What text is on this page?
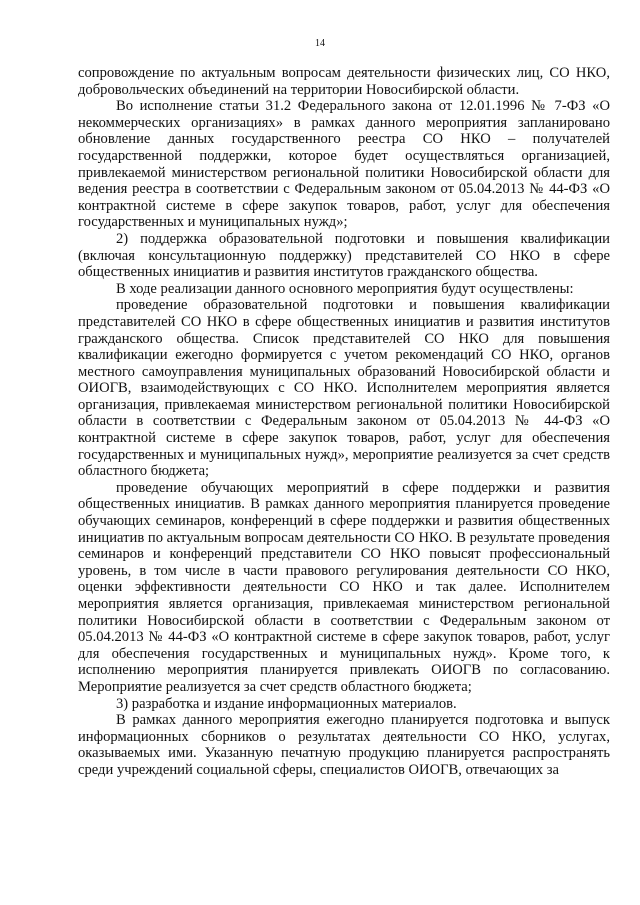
14

сопровождение по актуальным вопросам деятельности физических лиц, СО НКО, добровольческих объединений на территории Новосибирской области.

Во исполнение статьи 31.2 Федерального закона от 12.01.1996 № 7-ФЗ «О некоммерческих организациях» в рамках данного мероприятия запланировано обновление данных государственного реестра СО НКО – получателей государственной поддержки, которое будет осуществляться организацией, привлекаемой министерством региональной политики Новосибирской области для ведения реестра в соответствии с Федеральным законом от 05.04.2013 № 44-ФЗ «О контрактной системе в сфере закупок товаров, работ, услуг для обеспечения государственных и муниципальных нужд»;

2) поддержка образовательной подготовки и повышения квалификации (включая консультационную поддержку) представителей СО НКО в сфере общественных инициатив и развития институтов гражданского общества.

В ходе реализации данного основного мероприятия будут осуществлены:

проведение образовательной подготовки и повышения квалификации представителей СО НКО в сфере общественных инициатив и развития институтов гражданского общества. Список представителей СО НКО для повышения квалификации ежегодно формируется с учетом рекомендаций СО НКО, органов местного самоуправления муниципальных образований Новосибирской области и ОИОГВ, взаимодействующих с СО НКО. Исполнителем мероприятия является организация, привлекаемая министерством региональной политики Новосибирской области в соответствии с Федеральным законом от 05.04.2013 № 44-ФЗ «О контрактной системе в сфере закупок товаров, работ, услуг для обеспечения государственных и муниципальных нужд», мероприятие реализуется за счет средств областного бюджета;

проведение обучающих мероприятий в сфере поддержки и развития общественных инициатив. В рамках данного мероприятия планируется проведение обучающих семинаров, конференций в сфере поддержки и развития общественных инициатив по актуальным вопросам деятельности СО НКО. В результате проведения семинаров и конференций представители СО НКО повысят профессиональный уровень, в том числе в части правового регулирования деятельности СО НКО, оценки эффективности деятельности СО НКО и так далее. Исполнителем мероприятия является организация, привлекаемая министерством региональной политики Новосибирской области в соответствии с Федеральным законом от 05.04.2013 № 44-ФЗ «О контрактной системе в сфере закупок товаров, работ, услуг для обеспечения государственных и муниципальных нужд». Кроме того, к исполнению мероприятия планируется привлекать ОИОГВ по согласованию. Мероприятие реализуется за счет средств областного бюджета;

3) разработка и издание информационных материалов.

В рамках данного мероприятия ежегодно планируется подготовка и выпуск информационных сборников о результатах деятельности СО НКО, услугах, оказываемых ими. Указанную печатную продукцию планируется распространять среди учреждений социальной сферы, специалистов ОИОГВ, отвечающих за
